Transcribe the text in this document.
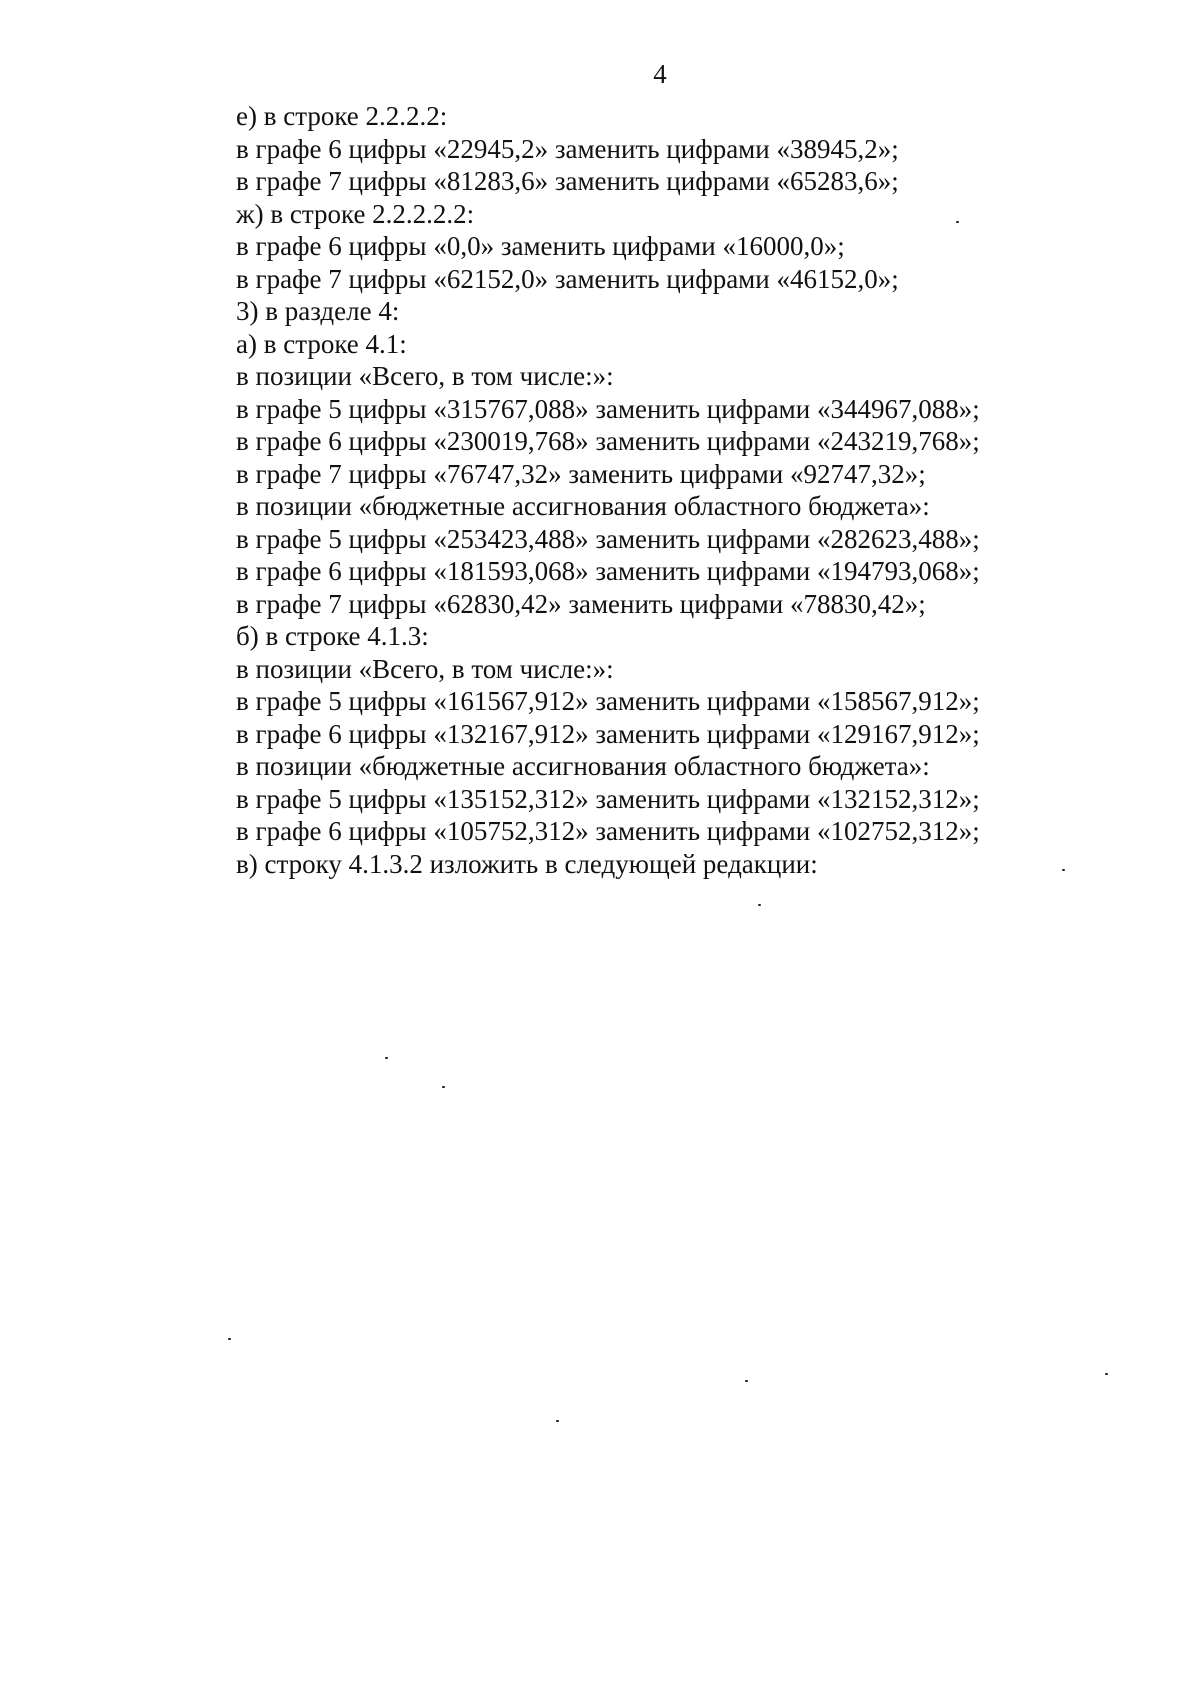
4
е) в строке 2.2.2.2:
в графе 6 цифры «22945,2» заменить цифрами «38945,2»;
в графе 7 цифры «81283,6» заменить цифрами «65283,6»;
ж) в строке 2.2.2.2.2:
в графе 6 цифры «0,0» заменить цифрами «16000,0»;
в графе 7 цифры «62152,0» заменить цифрами «46152,0»;
3) в разделе 4:
а) в строке 4.1:
в позиции «Всего, в том числе:»:
в графе 5 цифры «315767,088» заменить цифрами «344967,088»;
в графе 6 цифры «230019,768» заменить цифрами «243219,768»;
в графе 7 цифры «76747,32» заменить цифрами «92747,32»;
в позиции «бюджетные ассигнования областного бюджета»:
в графе 5 цифры «253423,488» заменить цифрами «282623,488»;
в графе 6 цифры «181593,068» заменить цифрами «194793,068»;
в графе 7 цифры «62830,42» заменить цифрами «78830,42»;
б) в строке 4.1.3:
в позиции «Всего, в том числе:»:
в графе 5 цифры «161567,912» заменить цифрами «158567,912»;
в графе 6 цифры «132167,912» заменить цифрами «129167,912»;
в позиции «бюджетные ассигнования областного бюджета»:
в графе 5 цифры «135152,312» заменить цифрами «132152,312»;
в графе 6 цифры «105752,312» заменить цифрами «102752,312»;
в) строку 4.1.3.2 изложить в следующей редакции:
